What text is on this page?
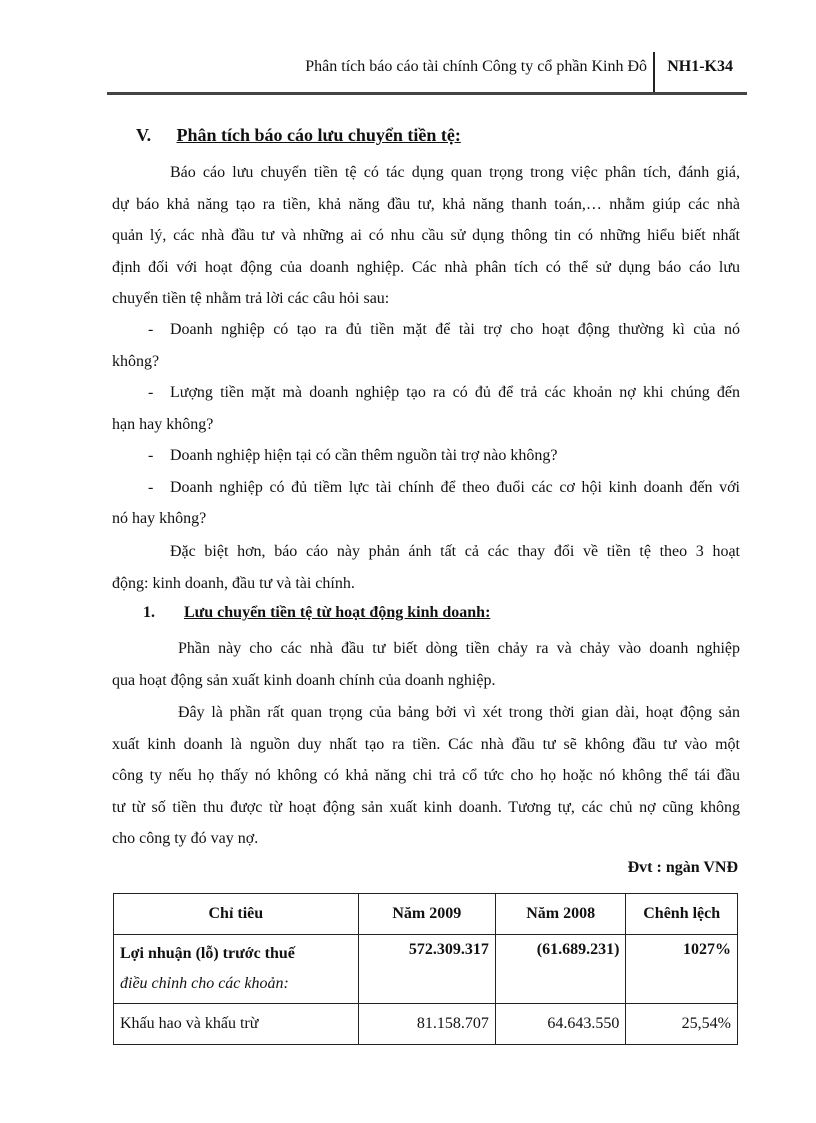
Phân tích báo cáo tài chính Công ty cổ phần Kinh Đô NH1-K34
V. Phân tích báo cáo lưu chuyển tiền tệ:
Báo cáo lưu chuyển tiền tệ có tác dụng quan trọng trong việc phân tích, đánh giá,
dự báo khả năng tạo ra tiền, khả năng đầu tư, khả năng thanh toán,… nhằm giúp các nhà
quản lý, các nhà đầu tư và những ai có nhu cầu sử dụng thông tin có những hiểu biết nhất
định đối với hoạt động của doanh nghiệp. Các nhà phân tích có thể sử dụng báo cáo lưu
chuyển tiền tệ nhằm trả lời các câu hỏi sau:
- Doanh nghiệp có tạo ra đủ tiền mặt để tài trợ cho hoạt động thường kì của nó
không?
- Lượng tiền mặt mà doanh nghiệp tạo ra có đủ để trả các khoản nợ khi chúng đến
hạn hay không?
- Doanh nghiệp hiện tại có cần thêm nguồn tài trợ nào không?
- Doanh nghiệp có đủ tiềm lực tài chính để theo đuổi các cơ hội kinh doanh đến với
nó hay không?
Đặc biệt hơn, báo cáo này phản ánh tất cả các thay đổi về tiền tệ theo 3 hoạt
động: kinh doanh, đầu tư và tài chính.
1. Lưu chuyển tiền tệ từ hoạt động kinh doanh:
Phần này cho các nhà đầu tư biết dòng tiền chảy ra và chảy vào doanh nghiệp
qua hoạt động sản xuất kinh doanh chính của doanh nghiệp.
Đây là phần rất quan trọng của bảng bởi vì xét trong thời gian dài, hoạt động sản
xuất kinh doanh là nguồn duy nhất tạo ra tiền. Các nhà đầu tư sẽ không đầu tư vào một
công ty nếu họ thấy nó không có khả năng chi trả cổ tức cho họ hoặc nó không thể tái đầu
tư từ số tiền thu được từ hoạt động sản xuất kinh doanh. Tương tự, các chủ nợ cũng không
cho công ty đó vay nợ.
Đvt : ngàn VNĐ
Chỉ tiêu	Năm 2009	Năm 2008	Chênh lệch

Lợi nhuận (lỗ) trước thuế
điều chỉnh cho các khoản:	572.309.317	(61.689.231)	1027%
Khấu hao và khấu trừ	81.158.707	64.643.550	25,54%
